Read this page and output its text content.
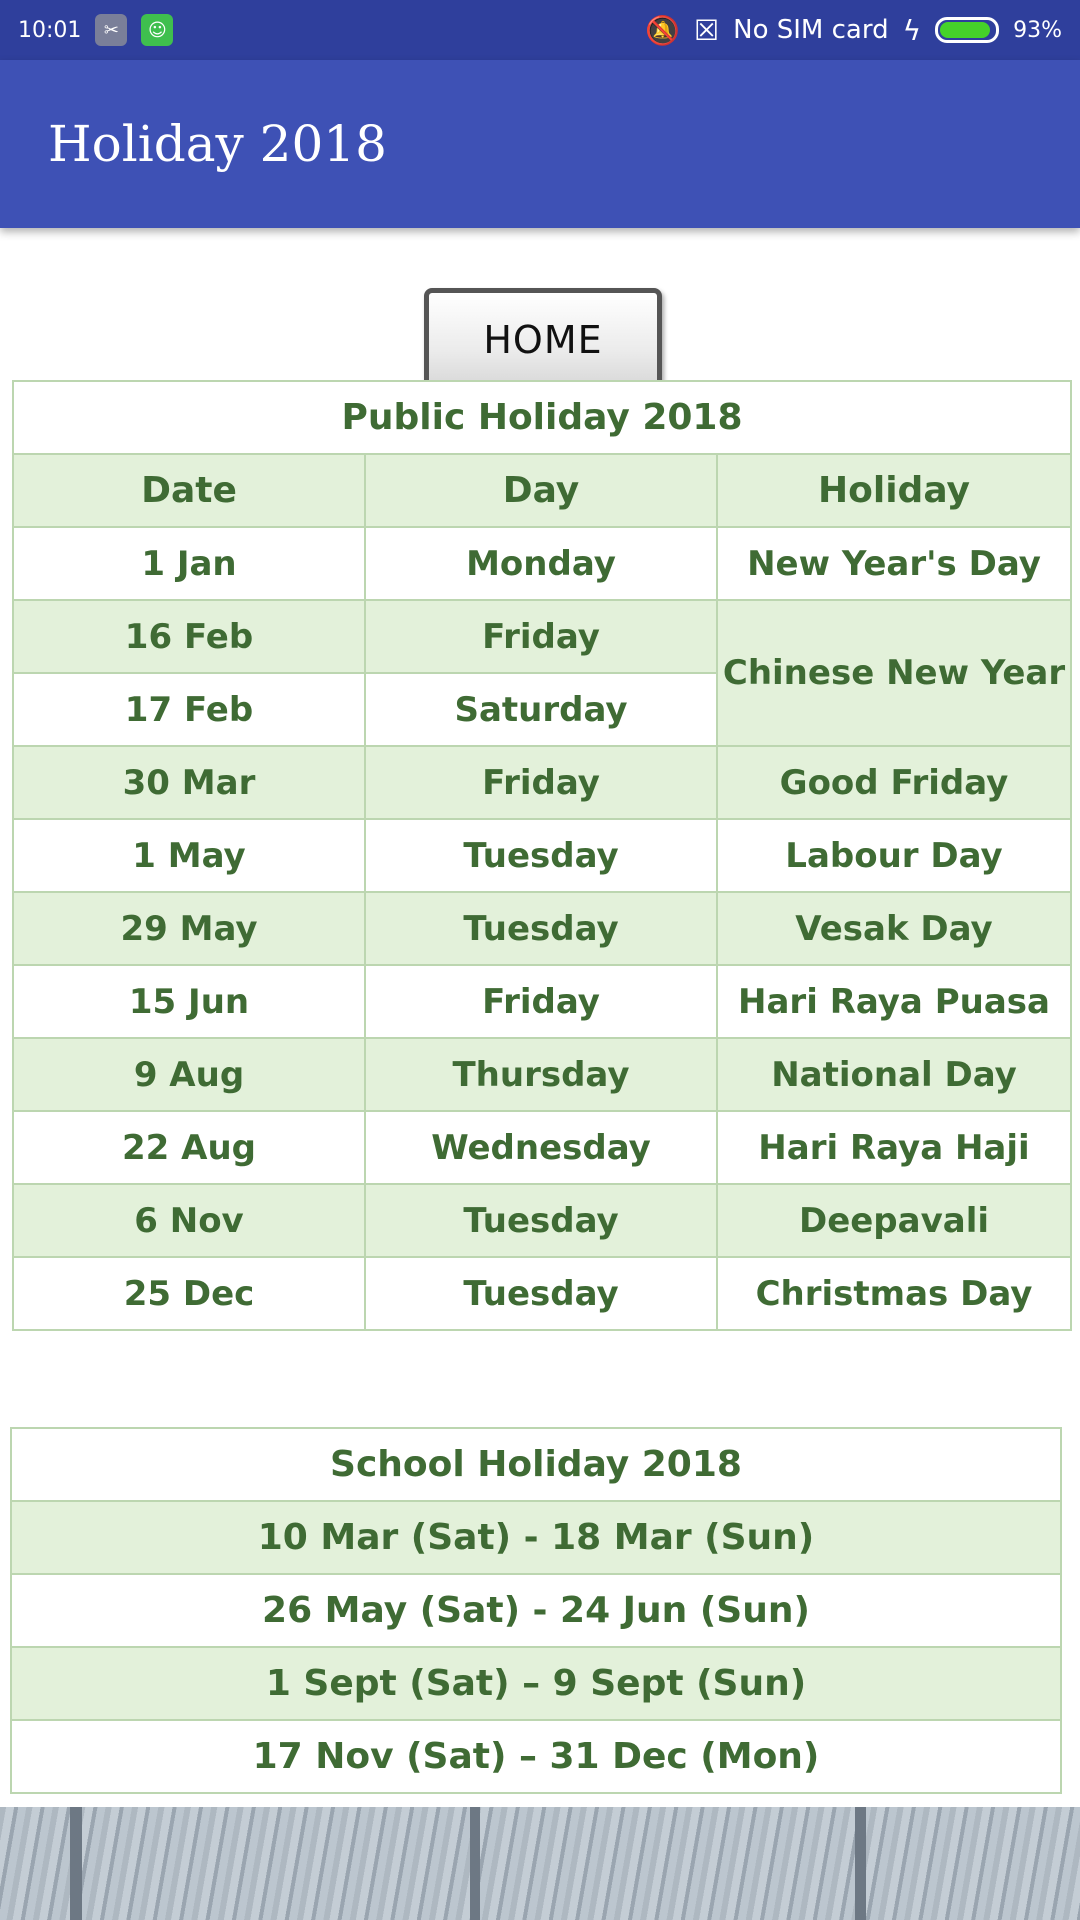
10:01	✂	☺	🔕 ☒ No SIM card ϟ	93%
Holiday 2018
HOME
Public Holiday 2018		
Date	Day	Holiday
1 Jan	Monday	New Year's Day
16 Feb	Friday	Chinese New Year
17 Feb	Saturday	
30 Mar	Friday	Good Friday
1 May	Tuesday	Labour Day
29 May	Tuesday	Vesak Day
15 Jun	Friday	Hari Raya Puasa
9 Aug	Thursday	National Day
22 Aug	Wednesday	Hari Raya Haji
6 Nov	Tuesday	Deepavali
25 Dec	Tuesday	Christmas Day
School Holiday 2018
10 Mar (Sat) - 18 Mar (Sun)
26 May (Sat) - 24 Jun (Sun)
1 Sept (Sat) – 9 Sept (Sun)
17 Nov (Sat) – 31 Dec (Mon)
